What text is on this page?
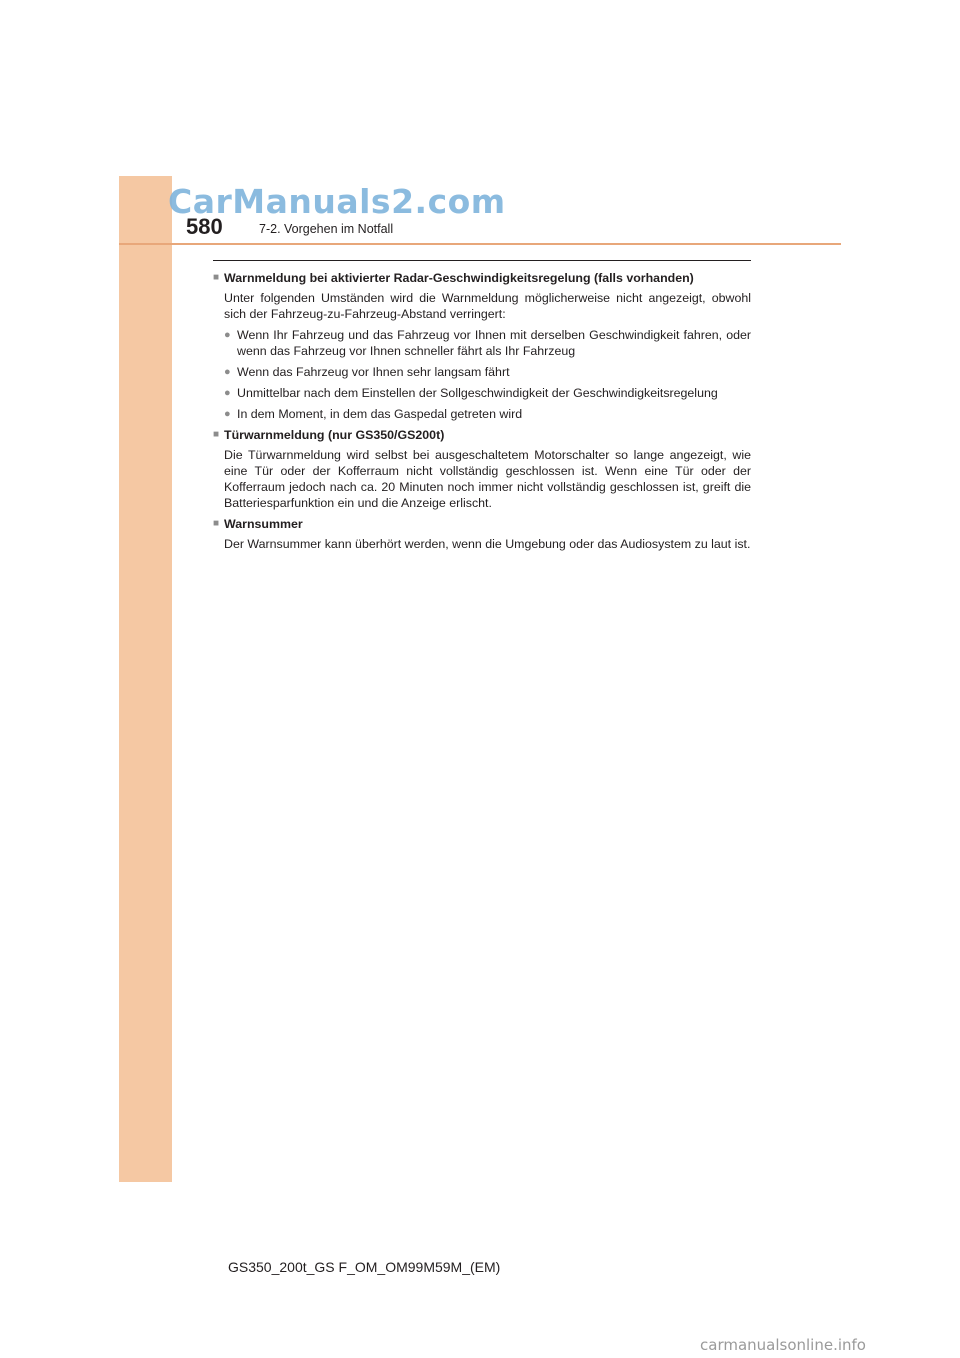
CarManuals2.com
580	7-2. Vorgehen im Notfall
■ Warnmeldung bei aktivierter Radar-Geschwindigkeitsregelung (falls vorhanden)
Unter folgenden Umständen wird die Warnmeldung möglicherweise nicht angezeigt, obwohl sich der Fahrzeug-zu-Fahrzeug-Abstand verringert:
● Wenn Ihr Fahrzeug und das Fahrzeug vor Ihnen mit derselben Geschwindigkeit fahren, oder wenn das Fahrzeug vor Ihnen schneller fährt als Ihr Fahrzeug
● Wenn das Fahrzeug vor Ihnen sehr langsam fährt
● Unmittelbar nach dem Einstellen der Sollgeschwindigkeit der Geschwindigkeitsregelung
● In dem Moment, in dem das Gaspedal getreten wird
■ Türwarnmeldung (nur GS350/GS200t)
Die Türwarnmeldung wird selbst bei ausgeschaltetem Motorschalter so lange angezeigt, wie eine Tür oder der Kofferraum nicht vollständig geschlossen ist. Wenn eine Tür oder der Kofferraum jedoch nach ca. 20 Minuten noch immer nicht vollständig geschlossen ist, greift die Batteriesparfunktion ein und die Anzeige erlischt.
■ Warnsummer
Der Warnsummer kann überhört werden, wenn die Umgebung oder das Audiosystem zu laut ist.
GS350_200t_GS F_OM_OM99M59M_(EM)
carmanualsonline.info
